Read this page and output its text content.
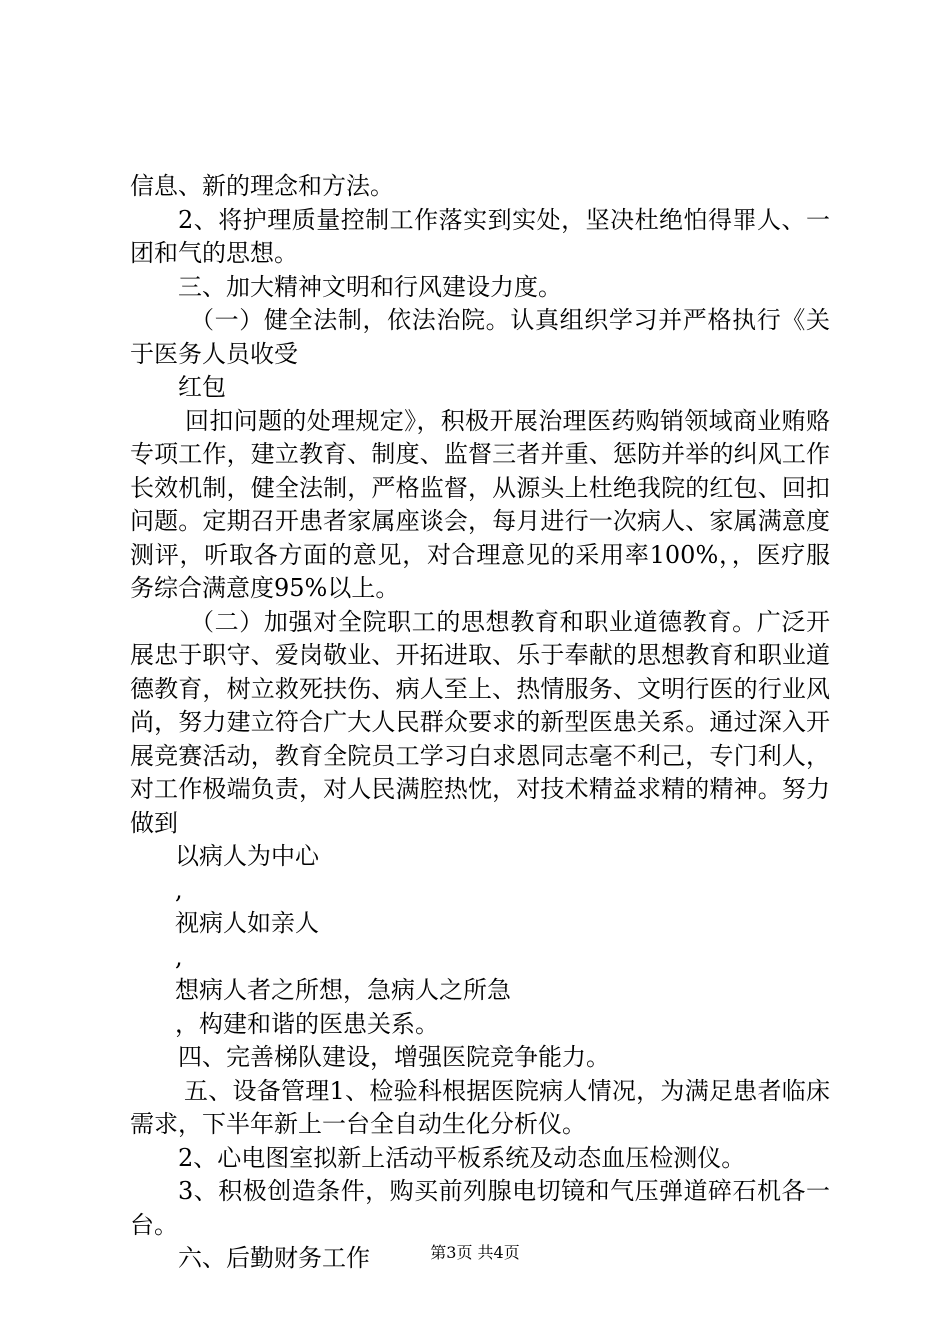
信息、新的理念和方法。

2、将护理质量控制工作落实到实处，坚决杜绝怕得罪人、一团和气的思想。

三、加大精神文明和行风建设力度。

（一）健全法制，依法治院。认真组织学习并严格执行《关于医务人员收受

红包

回扣问题的处理规定》，积极开展治理医药购销领域商业贿赂专项工作，建立教育、制度、监督三者并重、惩防并举的纠风工作长效机制，健全法制，严格监督，从源头上杜绝我院的红包、回扣问题。定期召开患者家属座谈会，每月进行一次病人、家属满意度测评，听取各方面的意见，对合理意见的采用率100%，，医疗服务综合满意度95%以上。

（二）加强对全院职工的思想教育和职业道德教育。广泛开展忠于职守、爱岗敬业、开拓进取、乐于奉献的思想教育和职业道德教育，树立救死扶伤、病人至上、热情服务、文明行医的行业风尚，努力建立符合广大人民群众要求的新型医患关系。通过深入开展竞赛活动，教育全院员工学习白求恩同志毫不利己，专门利人，对工作极端负责，对人民满腔热忱，对技术精益求精的精神。努力做到

以病人为中心

,

视病人如亲人

,

想病人者之所想，急病人之所急

，构建和谐的医患关系。

四、完善梯队建设，增强医院竞争能力。

五、设备管理1、检验科根据医院病人情况，为满足患者临床需求，下半年新上一台全自动生化分析仪。

2、心电图室拟新上活动平板系统及动态血压检测仪。

3、积极创造条件，购买前列腺电切镜和气压弹道碎石机各一台。

六、后勤财务工作	第3页 共4页
